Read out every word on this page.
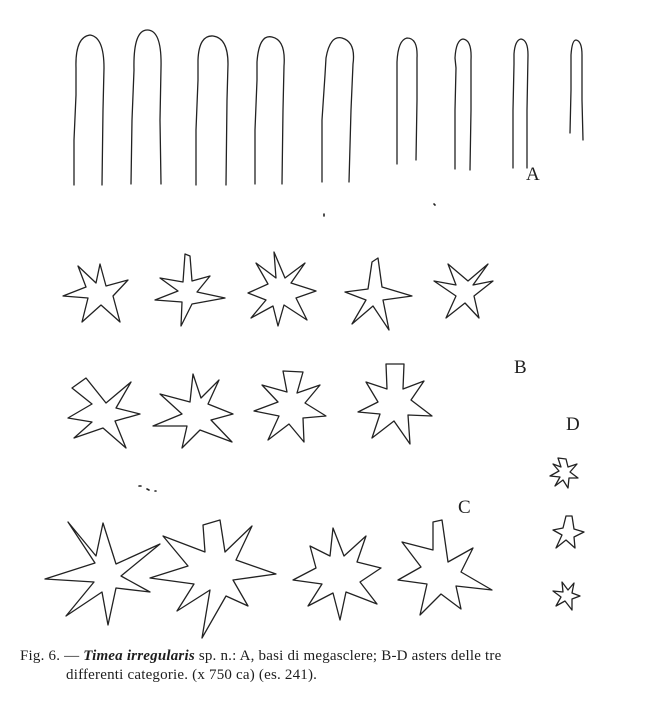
A
B
C
D
Fig. 6. — Timea irregularis sp. n.: A, basi di megasclere; B-D asters delle tre
differenti categorie. (x 750 ca) (es. 241).
